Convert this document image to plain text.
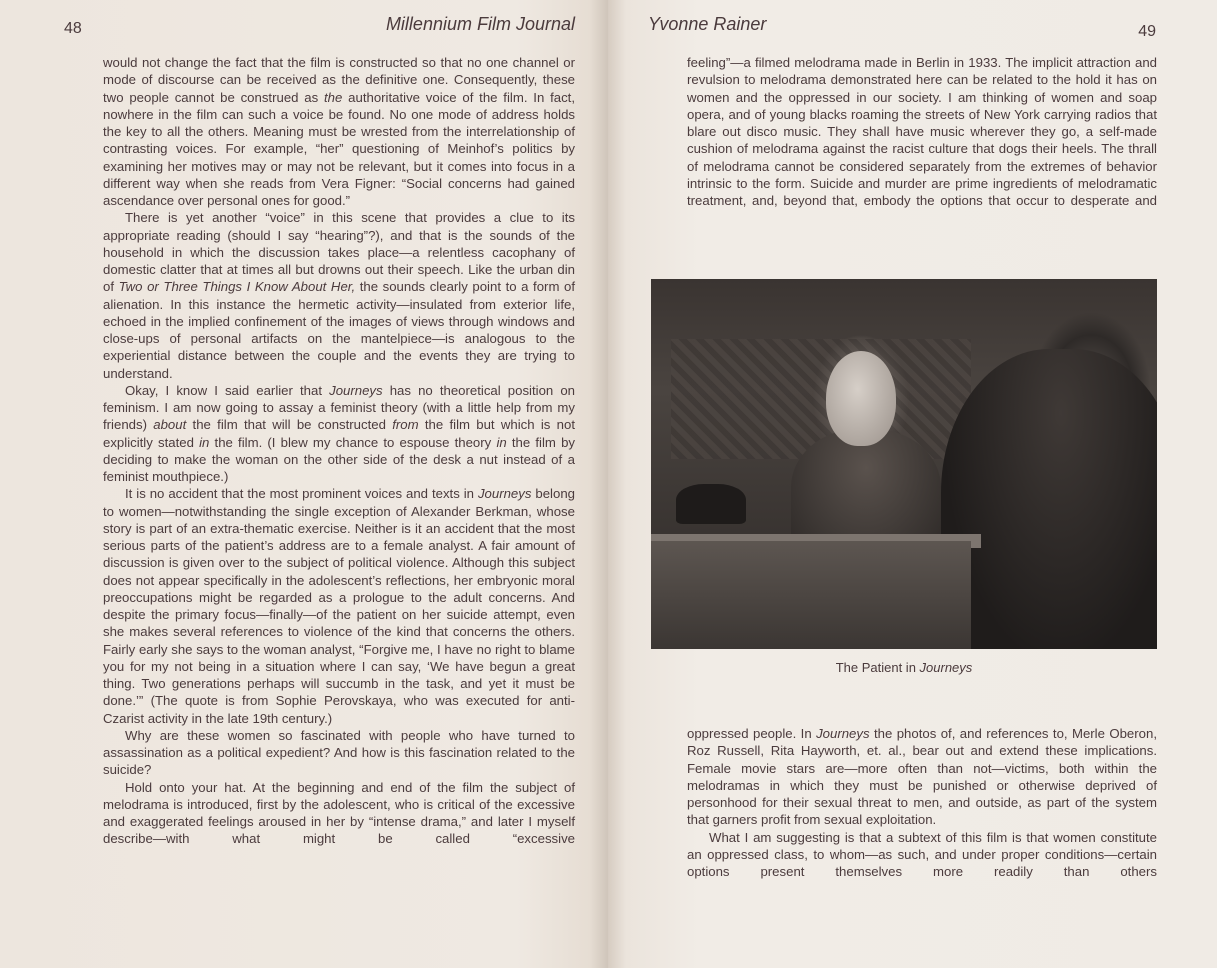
48	Millennium Film Journal

would not change the fact that the film is constructed so that no one channel or mode of discourse can be received as the definitive one. Consequently, these two people cannot be construed as the authoritative voice of the film. In fact, nowhere in the film can such a voice be found. No one mode of address holds the key to all the others. Meaning must be wrested from the interrelationship of contrasting voices. For example, “her” questioning of Meinhof’s politics by examining her motives may or may not be relevant, but it comes into focus in a different way when she reads from Vera Figner: “Social concerns had gained ascendance over personal ones for good.”

There is yet another “voice” in this scene that provides a clue to its appropriate reading (should I say “hearing”?), and that is the sounds of the household in which the discussion takes place—a relentless cacophany of domestic clatter that at times all but drowns out their speech. Like the urban din of Two or Three Things I Know About Her, the sounds clearly point to a form of alienation. In this instance the hermetic activity—insulated from exterior life, echoed in the implied confinement of the images of views through windows and close-ups of personal artifacts on the mantelpiece—is analogous to the experiential distance between the couple and the events they are trying to understand.

Okay, I know I said earlier that Journeys has no theoretical position on feminism. I am now going to assay a feminist theory (with a little help from my friends) about the film that will be constructed from the film but which is not explicitly stated in the film. (I blew my chance to espouse theory in the film by deciding to make the woman on the other side of the desk a nut instead of a feminist mouthpiece.)

It is no accident that the most prominent voices and texts in Journeys belong to women—notwithstanding the single exception of Alexander Berkman, whose story is part of an extra-thematic exercise. Neither is it an accident that the most serious parts of the patient’s address are to a female analyst. A fair amount of discussion is given over to the subject of political violence. Although this subject does not appear specifically in the adolescent’s reflections, her embryonic moral preoccupations might be regarded as a prologue to the adult concerns. And despite the primary focus—finally—of the patient on her suicide attempt, even she makes several references to violence of the kind that concerns the others. Fairly early she says to the woman analyst, “Forgive me, I have no right to blame you for my not being in a situation where I can say, ‘We have begun a great thing. Two generations perhaps will succumb in the task, and yet it must be done.’” (The quote is from Sophie Perovskaya, who was executed for anti-Czarist activity in the late 19th century.)

Why are these women so fascinated with people who have turned to assassination as a political expedient? And how is this fascination related to the suicide?

Hold onto your hat. At the beginning and end of the film the subject of melodrama is introduced, first by the adolescent, who is critical of the excessive and exaggerated feelings aroused in her by “intense drama,” and later I myself describe—with what might be called “excessive

Yvonne Rainer	49

feeling”—a filmed melodrama made in Berlin in 1933. The implicit attraction and revulsion to melodrama demonstrated here can be related to the hold it has on women and the oppressed in our society. I am thinking of women and soap opera, and of young blacks roaming the streets of New York carrying radios that blare out disco music. They shall have music wherever they go, a self-made cushion of melodrama against the racist culture that dogs their heels. The thrall of melodrama cannot be considered separately from the extremes of behavior intrinsic to the form. Suicide and murder are prime ingredients of melodramatic treatment, and, beyond that, embody the options that occur to desperate and

The Patient in Journeys

oppressed people. In Journeys the photos of, and references to, Merle Oberon, Roz Russell, Rita Hayworth, et. al., bear out and extend these implications. Female movie stars are—more often than not—victims, both within the melodramas in which they must be punished or otherwise deprived of personhood for their sexual threat to men, and outside, as part of the system that garners profit from sexual exploitation.

What I am suggesting is that a subtext of this film is that women constitute an oppressed class, to whom—as such, and under proper conditions—certain options present themselves more readily than others
